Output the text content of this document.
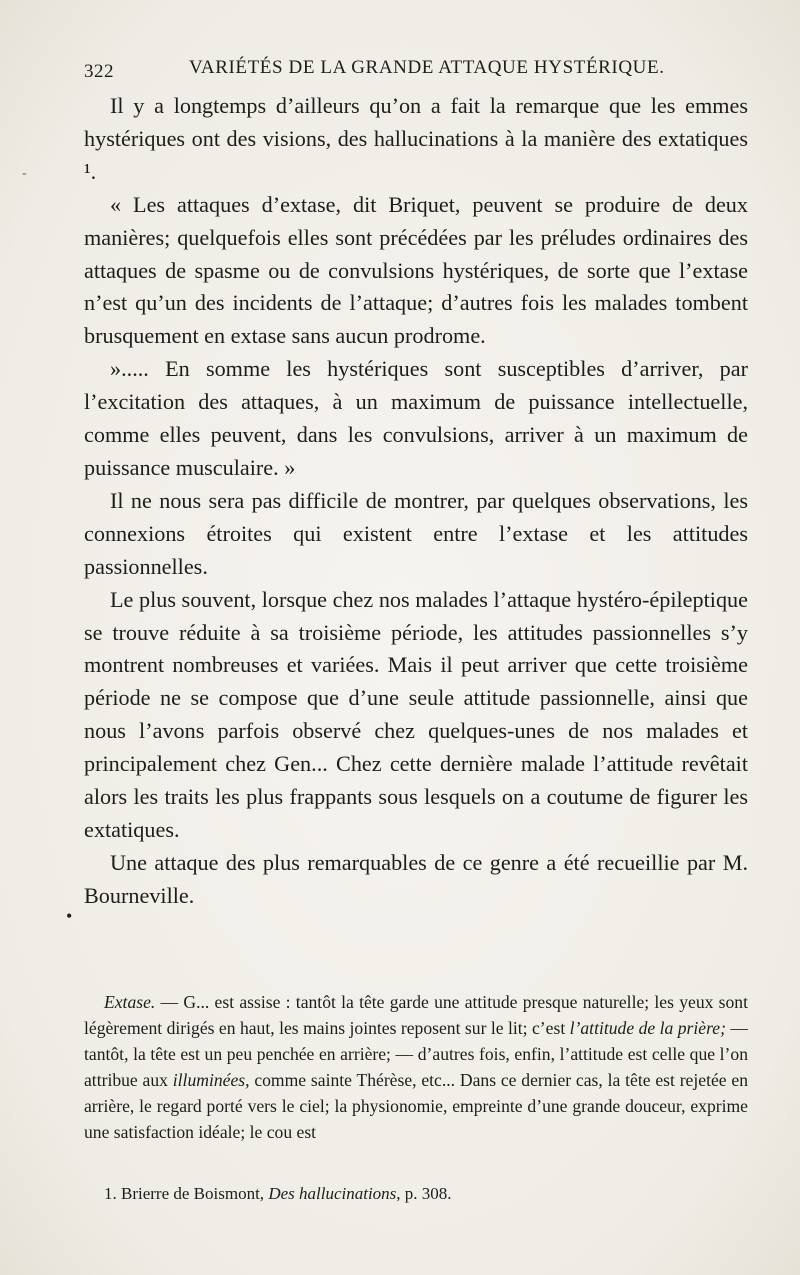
322	VARIÉTÉS DE LA GRANDE ATTAQUE HYSTÉRIQUE.

Il y a longtemps d’ailleurs qu’on a fait la remarque que les emmes hystériques ont des visions, des hallucinations à la manière des extatiques ¹.

« Les attaques d’extase, dit Briquet, peuvent se produire de deux manières; quelquefois elles sont précédées par les préludes ordinaires des attaques de spasme ou de convulsions hystériques, de sorte que l’extase n’est qu’un des incidents de l’attaque; d’autres fois les malades tombent brusquement en extase sans aucun prodrome.

»..... En somme les hystériques sont susceptibles d’arriver, par l’excitation des attaques, à un maximum de puissance intellectuelle, comme elles peuvent, dans les convulsions, arriver à un maximum de puissance musculaire. »

Il ne nous sera pas difficile de montrer, par quelques observations, les connexions étroites qui existent entre l’extase et les attitudes passionnelles.

Le plus souvent, lorsque chez nos malades l’attaque hystéro-épileptique se trouve réduite à sa troisième période, les attitudes passionnelles s’y montrent nombreuses et variées. Mais il peut arriver que cette troisième période ne se compose que d’une seule attitude passionnelle, ainsi que nous l’avons parfois observé chez quelques-unes de nos malades et principalement chez Gen... Chez cette dernière malade l’attitude revêtait alors les traits les plus frappants sous lesquels on a coutume de figurer les extatiques.

Une attaque des plus remarquables de ce genre a été recueillie par M. Bourneville.

Extase. — G... est assise : tantôt la tête garde une attitude presque naturelle; les yeux sont légèrement dirigés en haut, les mains jointes reposent sur le lit; c’est l’attitude de la prière; — tantôt, la tête est un peu penchée en arrière; — d’autres fois, enfin, l’attitude est celle que l’on attribue aux illuminées, comme sainte Thérèse, etc... Dans ce dernier cas, la tête est rejetée en arrière, le regard porté vers le ciel; la physionomie, empreinte d’une grande douceur, exprime une satisfaction idéale; le cou est

1. Brierre de Boismont, Des hallucinations, p. 308.
-
•
